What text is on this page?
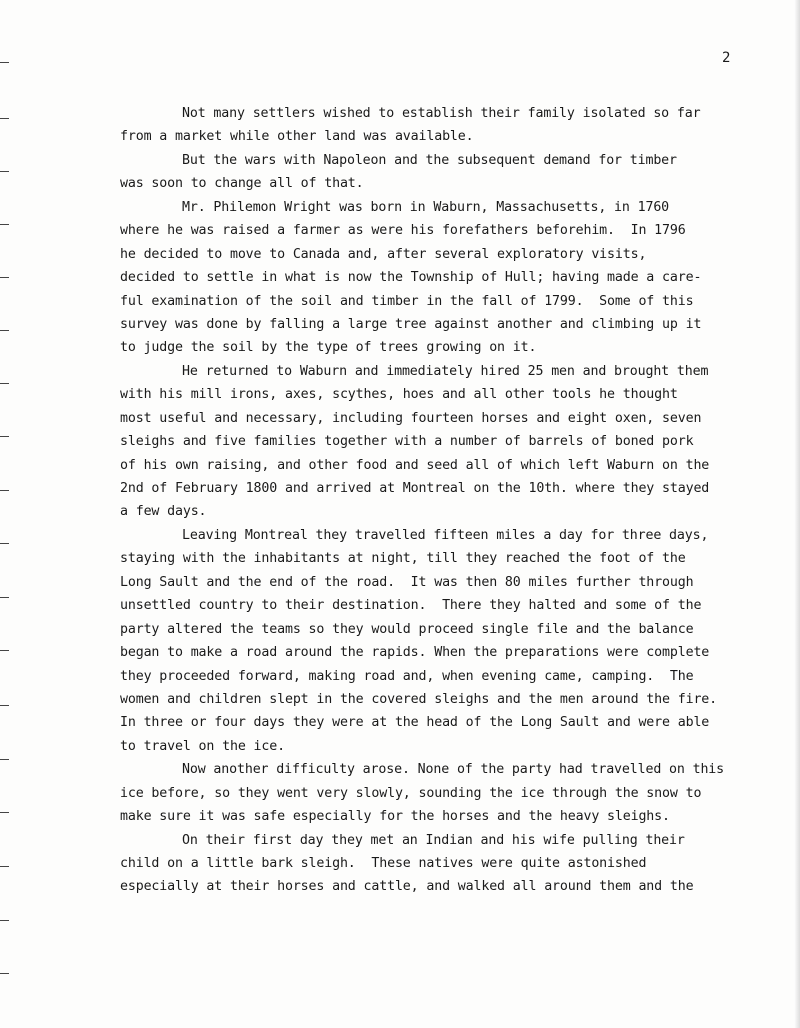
2
Not many settlers wished to establish their family isolated so far
from a market while other land was available.
But the wars with Napoleon and the subsequent demand for timber
was soon to change all of that.
Mr. Philemon Wright was born in Waburn, Massachusetts, in 1760
where he was raised a farmer as were his forefathers beforehim.  In 1796
he decided to move to Canada and, after several exploratory visits,
decided to settle in what is now the Township of Hull; having made a care-
ful examination of the soil and timber in the fall of 1799.  Some of this
survey was done by falling a large tree against another and climbing up it
to judge the soil by the type of trees growing on it.
He returned to Waburn and immediately hired 25 men and brought them
with his mill irons, axes, scythes, hoes and all other tools he thought
most useful and necessary, including fourteen horses and eight oxen, seven
sleighs and five families together with a number of barrels of boned pork
of his own raising, and other food and seed all of which left Waburn on the
2nd of February 1800 and arrived at Montreal on the 10th. where they stayed
a few days.
Leaving Montreal they travelled fifteen miles a day for three days,
staying with the inhabitants at night, till they reached the foot of the
Long Sault and the end of the road.  It was then 80 miles further through
unsettled country to their destination.  There they halted and some of the
party altered the teams so they would proceed single file and the balance
began to make a road around the rapids. When the preparations were complete
they proceeded forward, making road and, when evening came, camping.  The
women and children slept in the covered sleighs and the men around the fire.
In three or four days they were at the head of the Long Sault and were able
to travel on the ice.
Now another difficulty arose. None of the party had travelled on this
ice before, so they went very slowly, sounding the ice through the snow to
make sure it was safe especially for the horses and the heavy sleighs.
On their first day they met an Indian and his wife pulling their
child on a little bark sleigh.  These natives were quite astonished
especially at their horses and cattle, and walked all around them and the
